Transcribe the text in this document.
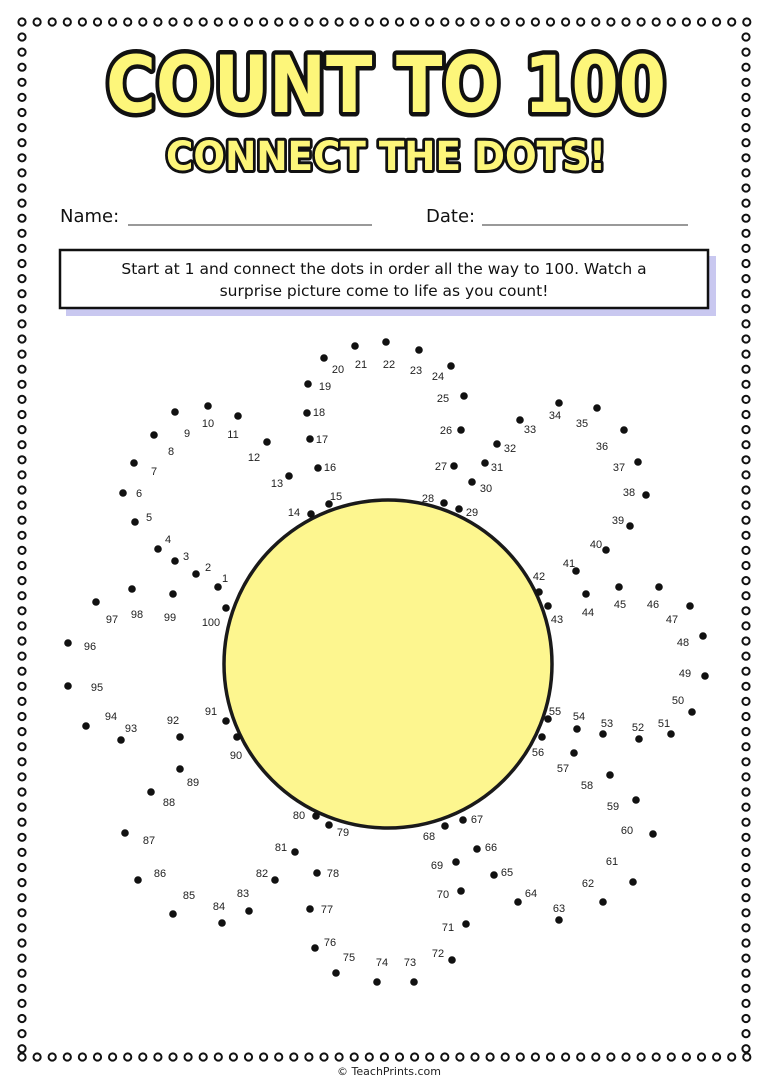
COUNT TO 100
CONNECT THE DOTS!
Name:	Date:
Start at 1 and connect the dots in order all the way to 100. Watch a
surprise picture come to life as you count!
1
2
3
4
5
6
7
8
9
10
11
12
13
14
15
16
17
18
19
20 21 22 23 24
25
26
27
28
29
30
31
32
33
34
35
36
37
38
39
40
41
42
43
44
45 46
47
48
49
50
51
52
53
54
55
56
57
58
59
60
61
62
63
64
65
66
67
68
69
70
71
72
73
74
75
76
77
78
79
80
81
82
83
84
85
86
87
88
89
90
91
92
93
94
95
96
97 98 99 100
© TeachPrints.com
